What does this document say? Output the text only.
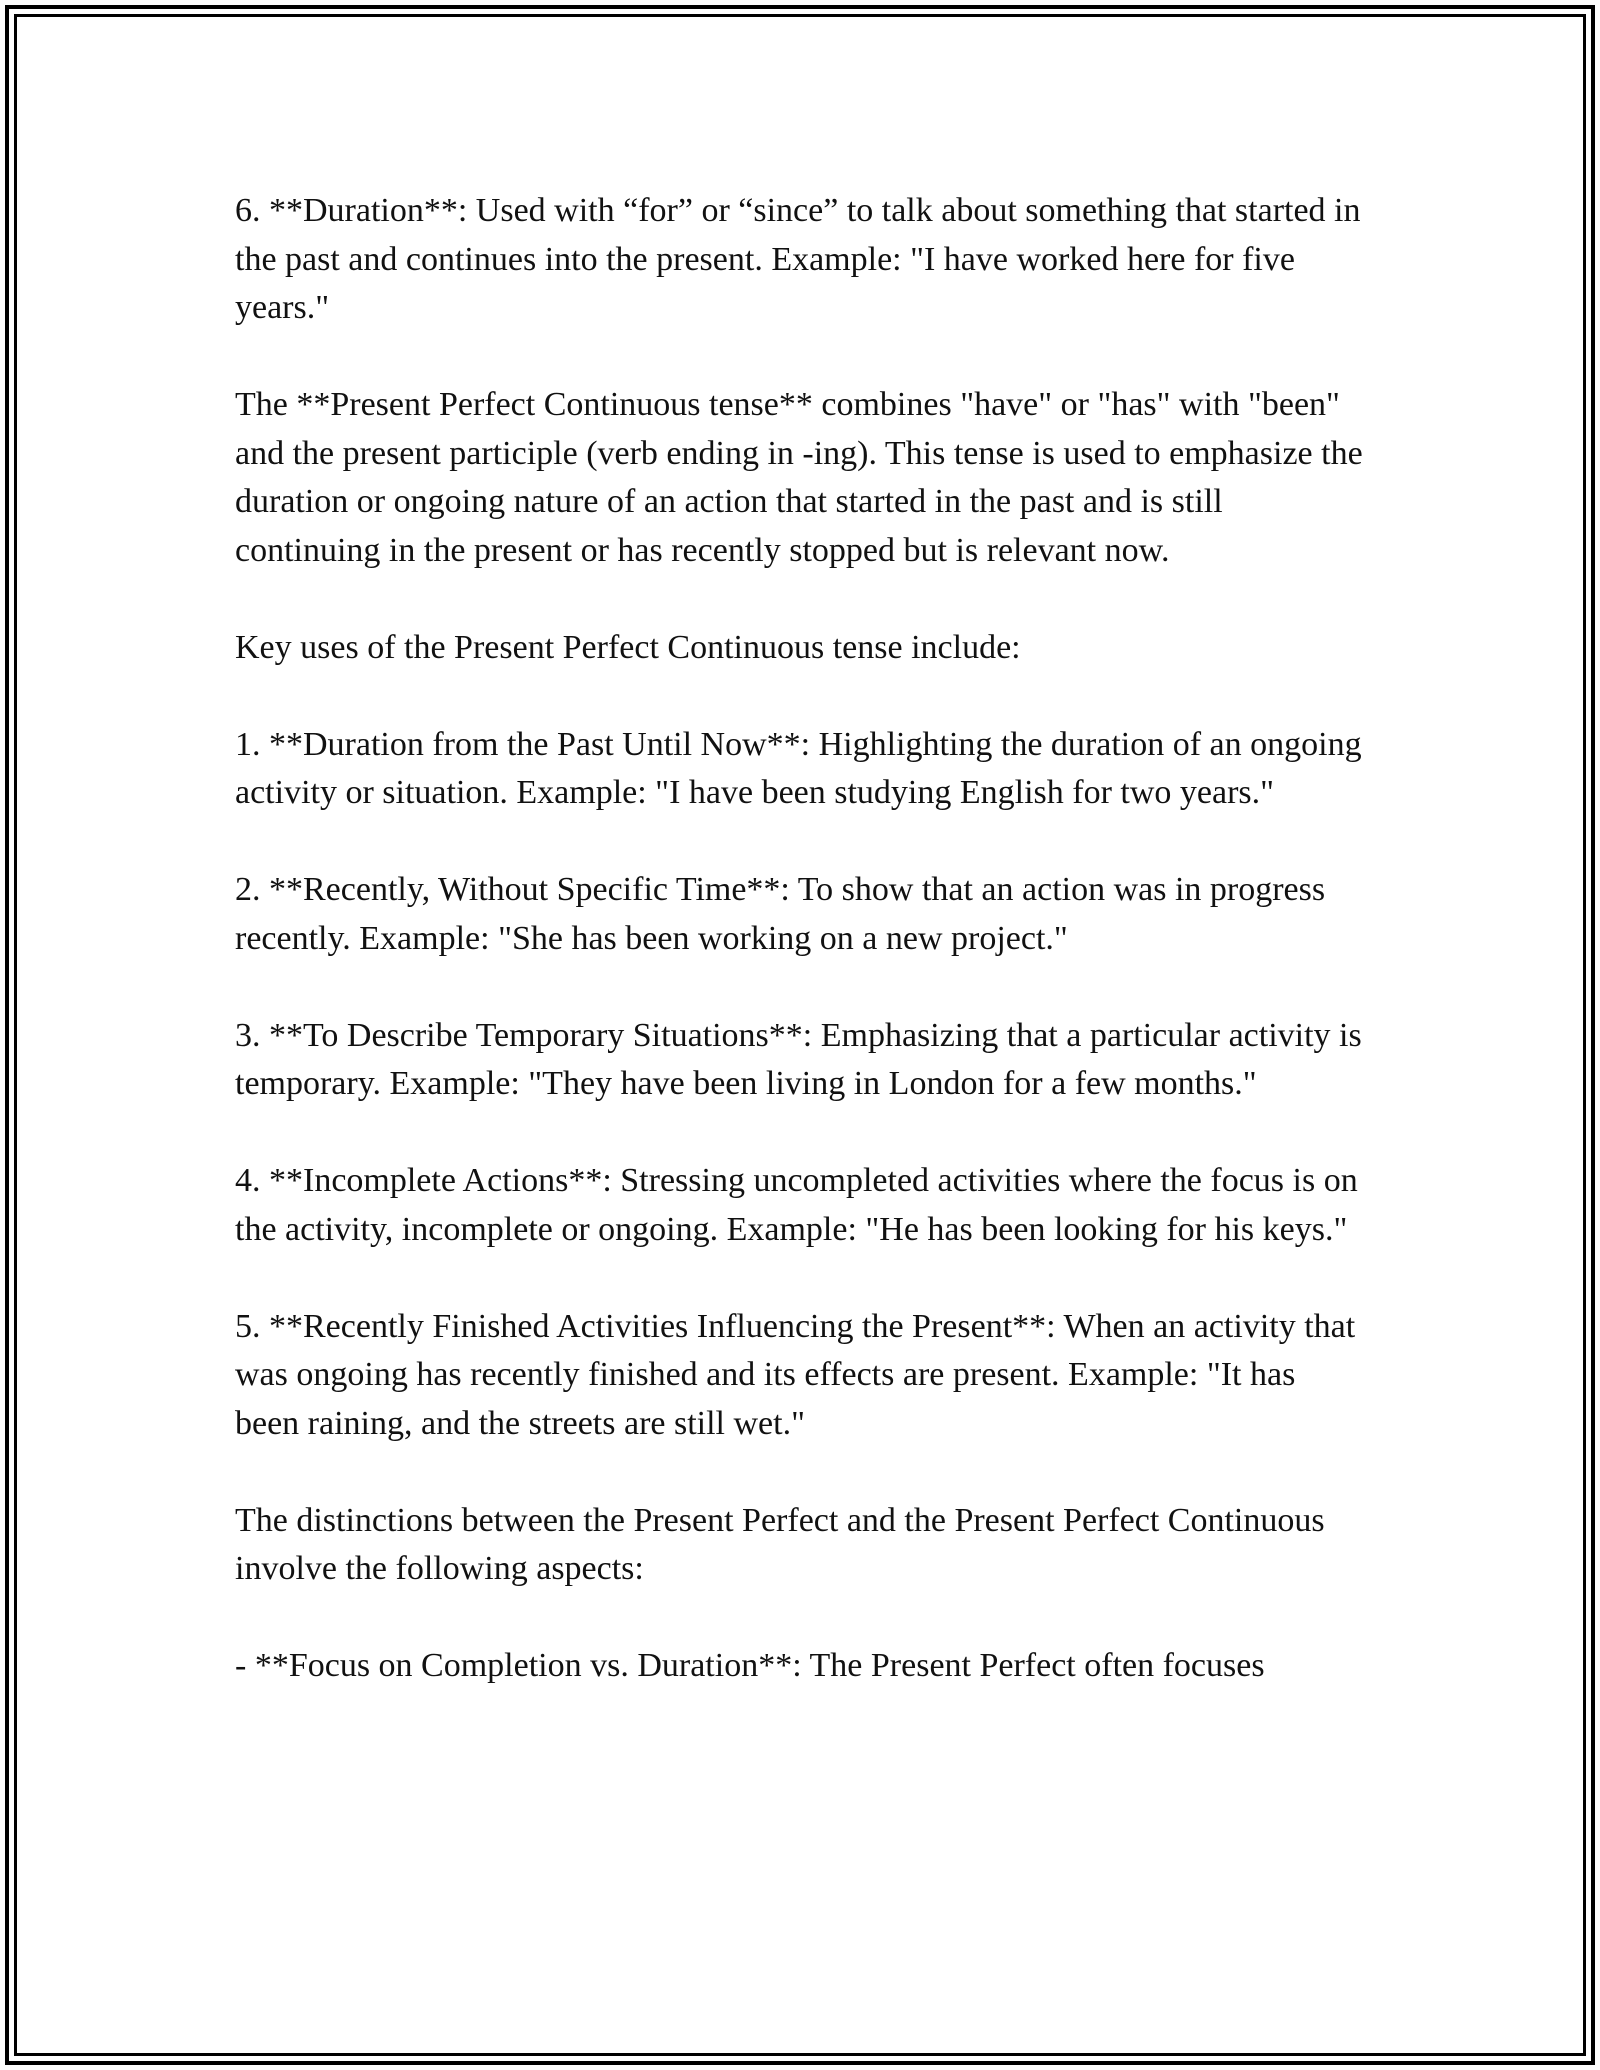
6. **Duration**: Used with “for” or “since” to talk about something that started in the past and continues into the present. Example: "I have worked here for five years."

The **Present Perfect Continuous tense** combines "have" or "has" with "been" and the present participle (verb ending in -ing). This tense is used to emphasize the duration or ongoing nature of an action that started in the past and is still continuing in the present or has recently stopped but is relevant now.

Key uses of the Present Perfect Continuous tense include:

1. **Duration from the Past Until Now**: Highlighting the duration of an ongoing activity or situation. Example: "I have been studying English for two years."

2. **Recently, Without Specific Time**: To show that an action was in progress recently. Example: "She has been working on a new project."

3. **To Describe Temporary Situations**: Emphasizing that a particular activity is temporary. Example: "They have been living in London for a few months."

4. **Incomplete Actions**: Stressing uncompleted activities where the focus is on the activity, incomplete or ongoing. Example: "He has been looking for his keys."

5. **Recently Finished Activities Influencing the Present**: When an activity that was ongoing has recently finished and its effects are present. Example: "It has been raining, and the streets are still wet."

The distinctions between the Present Perfect and the Present Perfect Continuous involve the following aspects:

- **Focus on Completion vs. Duration**: The Present Perfect often focuses
